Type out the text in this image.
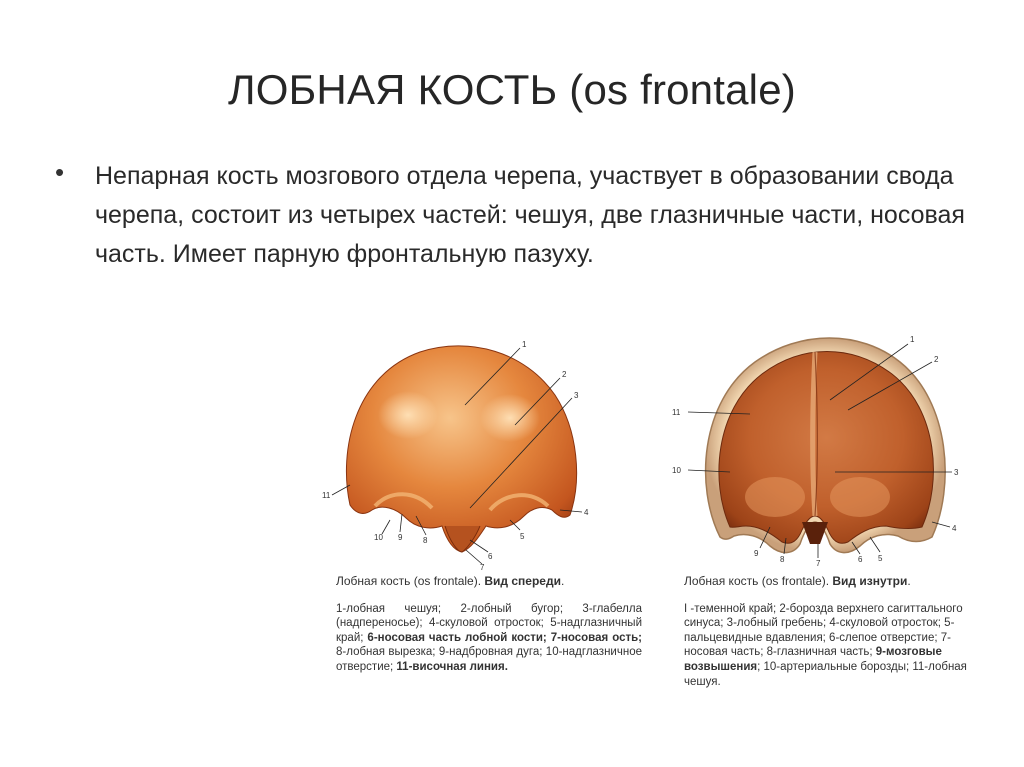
ЛОБНАЯ КОСТЬ (os frontale)
• Непарная кость мозгового отдела черепа, участвует в образовании свода черепа, состоит из четырех частей: чешуя, две глазничные части, носовая часть. Имеет парную фронтальную пазуху.
1
2
3
4
5
6
7
8
9
10
11
1
2
3
4
5
6
7
8
9
10
11
Лобная кость (os frontale). Вид спереди.

1-лобная чешуя; 2-лобный бугор; 3-глабелла (надпереносье); 4-скуловой отросток; 5-надглазничный край; 6-носовая часть лобной кости; 7-носовая ость; 8-лобная вырезка; 9-надбровная дуга; 10-надглазничное отверстие; 11-височная линия.

Лобная кость (os frontale). Вид изнутри.

I -теменной край; 2-борозда верхнего сагиттального синуса; 3-лобный гребень; 4-скуловой отросток; 5-пальцевидные вдавления; 6-слепое отверстие; 7-носовая часть; 8-глазничная часть; 9-мозговые возвышения; 10-артериальные борозды; 11-лобная чешуя.
